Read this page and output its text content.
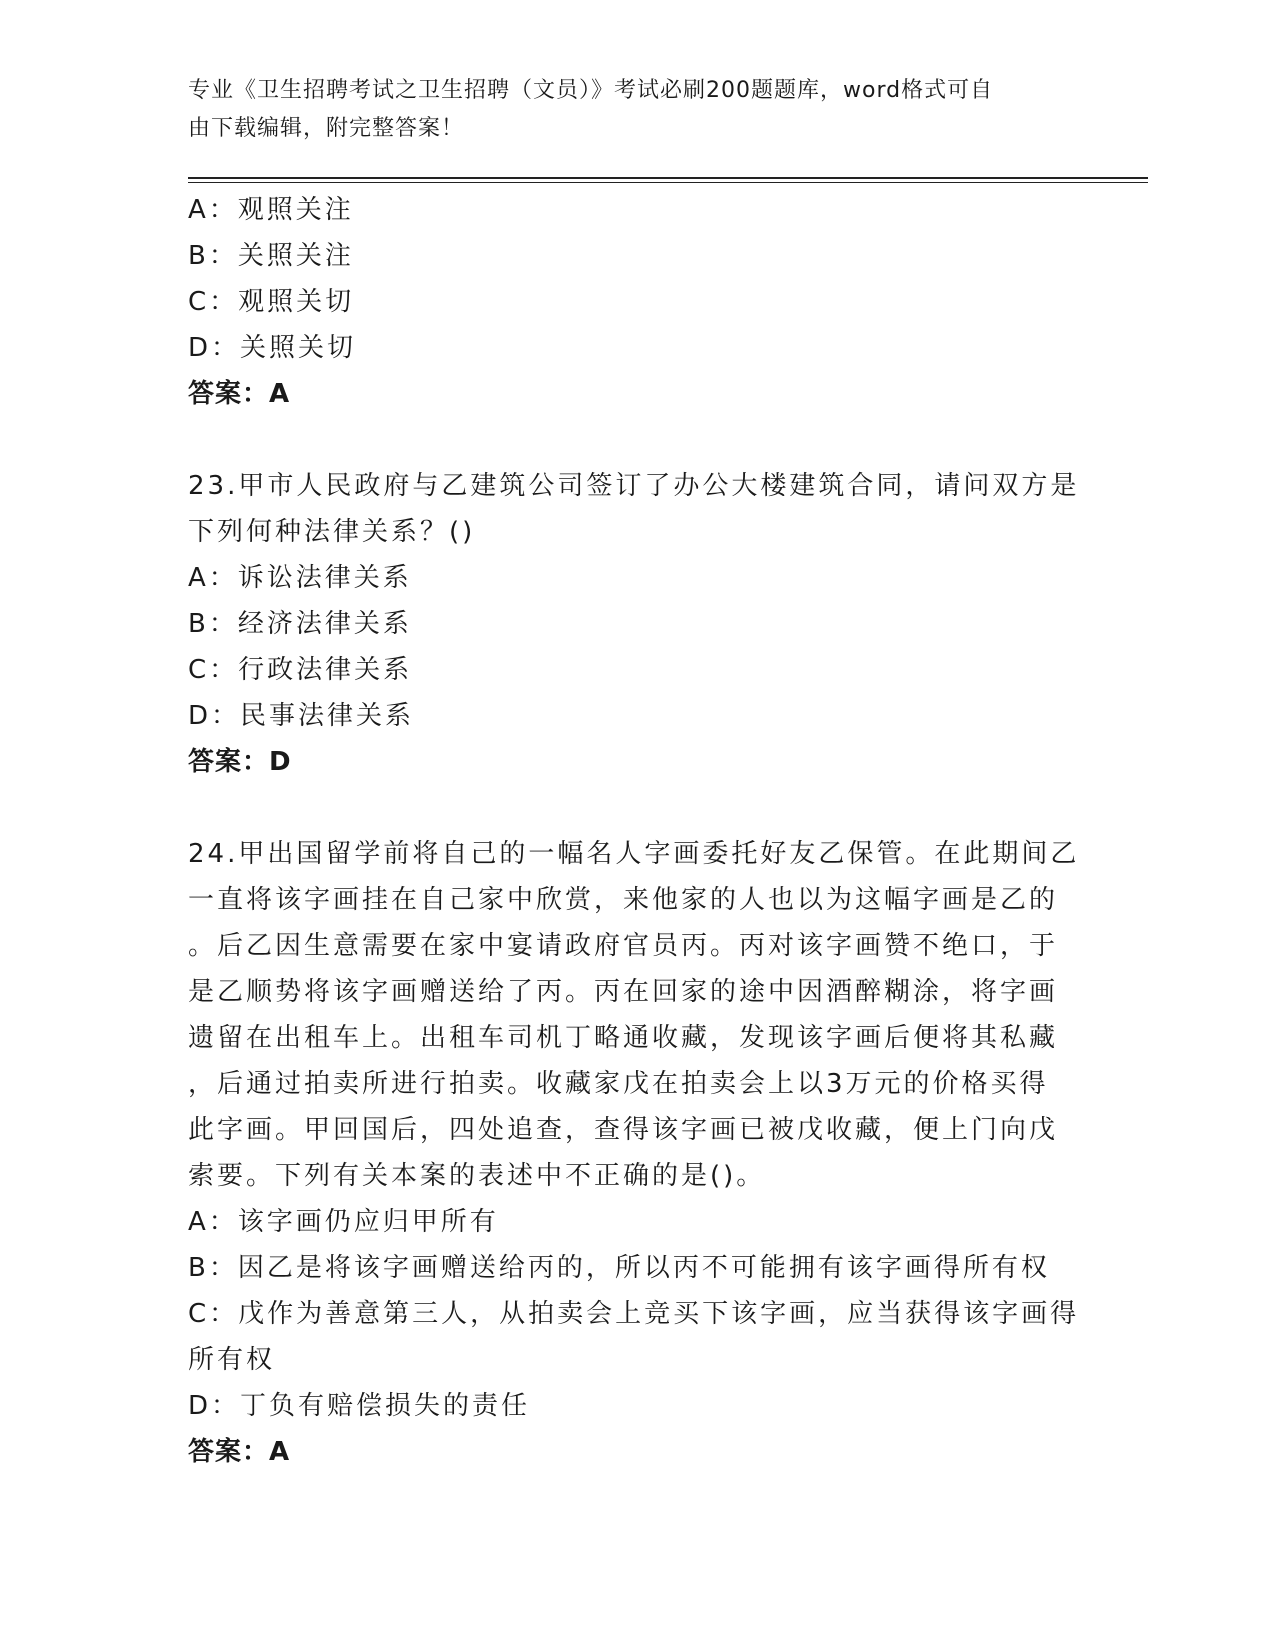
专业《卫生招聘考试之卫生招聘（文员）》考试必刷200题题库，word格式可自
由下载编辑，附完整答案！
A：观照关注
B：关照关注
C：观照关切
D：关照关切
答案：A
23.甲市人民政府与乙建筑公司签订了办公大楼建筑合同，请问双方是
下列何种法律关系？()
A：诉讼法律关系
B：经济法律关系
C：行政法律关系
D：民事法律关系
答案：D
24.甲出国留学前将自己的一幅名人字画委托好友乙保管。在此期间乙
一直将该字画挂在自己家中欣赏，来他家的人也以为这幅字画是乙的
。后乙因生意需要在家中宴请政府官员丙。丙对该字画赞不绝口，于
是乙顺势将该字画赠送给了丙。丙在回家的途中因酒醉糊涂，将字画
遗留在出租车上。出租车司机丁略通收藏，发现该字画后便将其私藏
，后通过拍卖所进行拍卖。收藏家戊在拍卖会上以3万元的价格买得
此字画。甲回国后，四处追查，查得该字画已被戊收藏，便上门向戊
索要。下列有关本案的表述中不正确的是()。
A：该字画仍应归甲所有
B：因乙是将该字画赠送给丙的，所以丙不可能拥有该字画得所有权
C：戊作为善意第三人，从拍卖会上竞买下该字画，应当获得该字画得
所有权
D：丁负有赔偿损失的责任
答案：A
